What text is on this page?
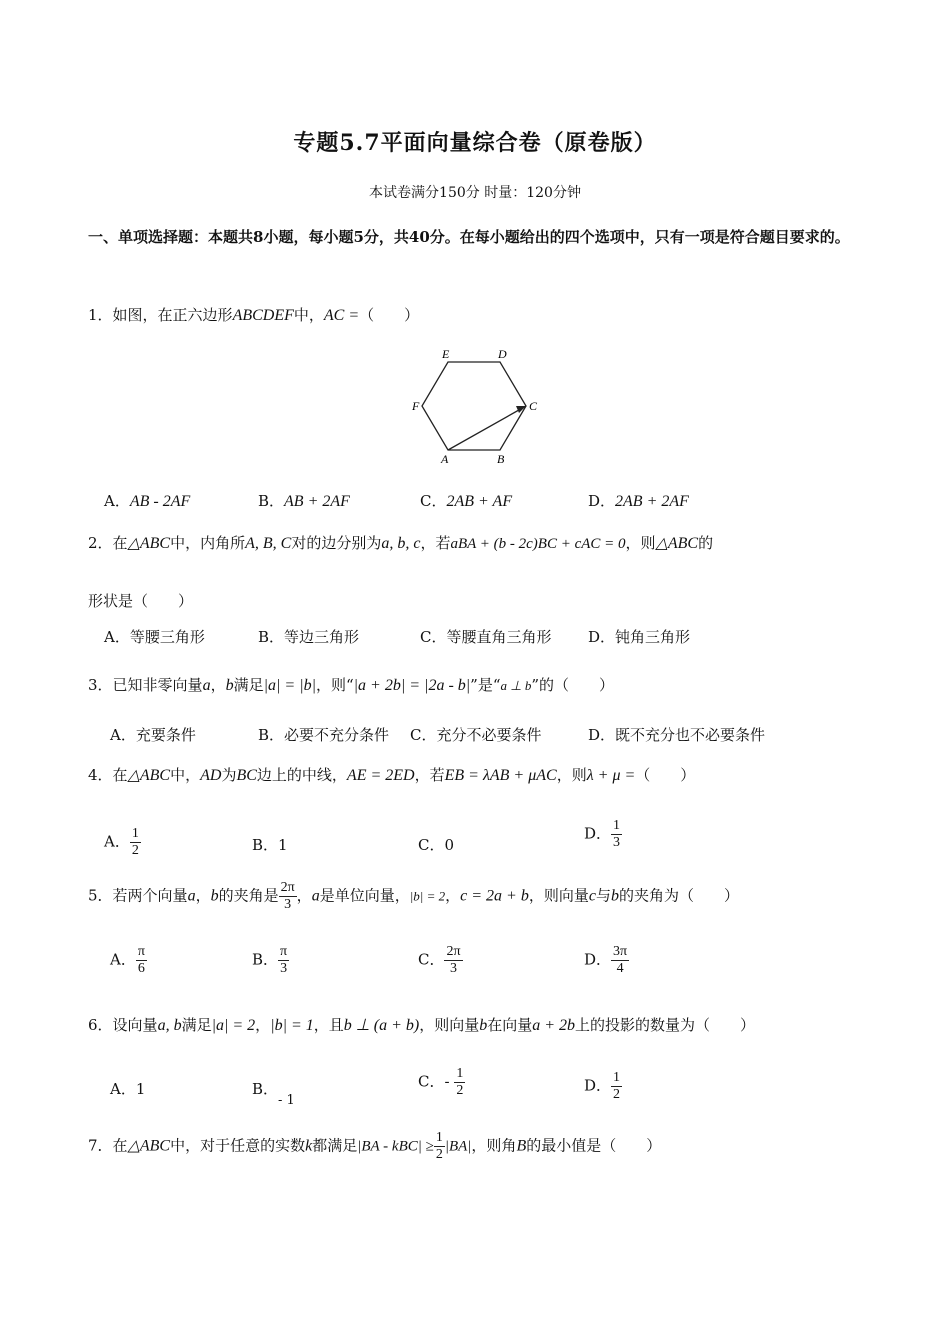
专题5.7平面向量综合卷（原卷版）
本试卷满分150分 时量：120分钟
一、单项选择题：本题共8小题，每小题5分，共40分。在每小题给出的四个选项中，只有一项是符合题目要求的。
1．如图，在正六边形ABCDEF中，AC =（　　）
E	D
F	C
A	B
A．AB - 2AF	B．AB + 2AF	C．2AB + AF	D．2AB + 2AF
2．在△ABC中，内角所A, B, C对的边分别为a, b, c，若aBA + (b - 2c)BC + cAC = 0，则△ABC的
形状是（　　）
A．等腰三角形	B．等边三角形	C．等腰直角三角形 D．钝角三角形
3．已知非零向量a，b满足|a| = |b|，则“|a + 2b| = |2a - b|”是“a ⊥ b”的（　　）
A．充要条件	B．必要不充分条件 C．充分不必要条件	D．既不充分也不必要条件
4．在△ABC中，AD为BC边上的中线，AE = 2ED，若EB = λAB + μAC，则λ + μ =（　　）
A． $\frac{1}{2}$	B．1	C．0
D． $\frac{1}{3}$
5．若两个向量a，b的夹角是 $\frac{2\pi}{3}$ ，a是单位向量，|b| = 2，c = 2a + b，则向量c与b的夹角为（　　）
A． $\frac{\pi}{6}$	B． $\frac{\pi}{3}$	C． $\frac{2\pi}{3}$	D． $\frac{3\pi}{4}$
6．设向量a, b满足|a| = 2，|b| = 1，且b ⊥ (a + b)，则向量b在向量a + 2b上的投影的数量为（　　）
A．1	B．- 1
C．- $\frac{1}{2}$	D． $\frac{1}{2}$
7．在△ABC中，对于任意的实数k都满足$|BA - kBC| \ge \frac{1}{2} |BA|$，则角B的最小值是（　　）
